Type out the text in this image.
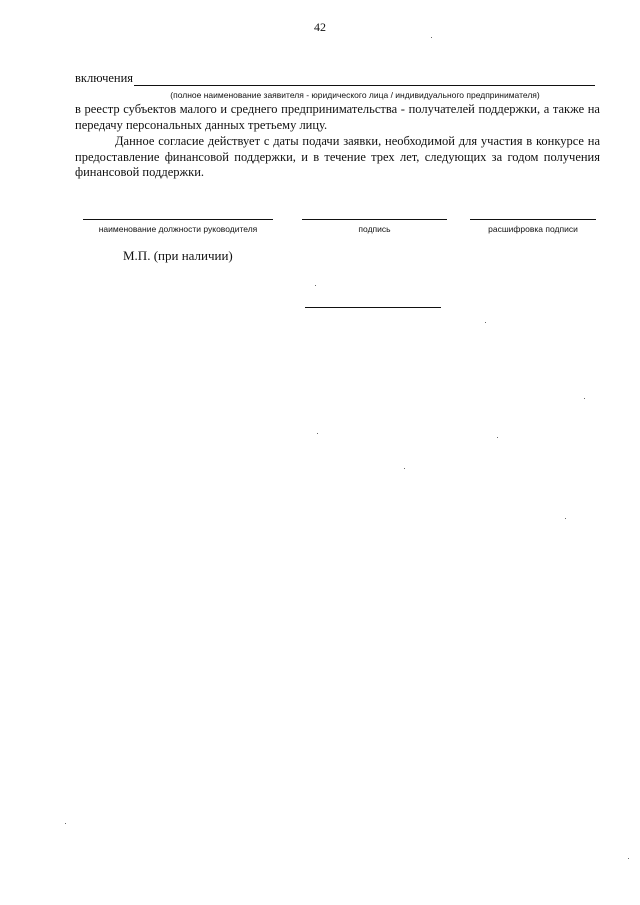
42
включения
(полное наименование заявителя - юридического лица / индивидуального предпринимателя)
в реестр субъектов малого и среднего предпринимательства - получателей поддержки, а также на передачу персональных данных третьему лицу.
Данное согласие действует с даты подачи заявки, необходимой для участия в конкурсе на предоставление финансовой поддержки, и в течение трех лет, следующих за годом получения финансовой поддержки.
наименование должности руководителя	подпись	расшифровка подписи
М.П. (при наличии)
